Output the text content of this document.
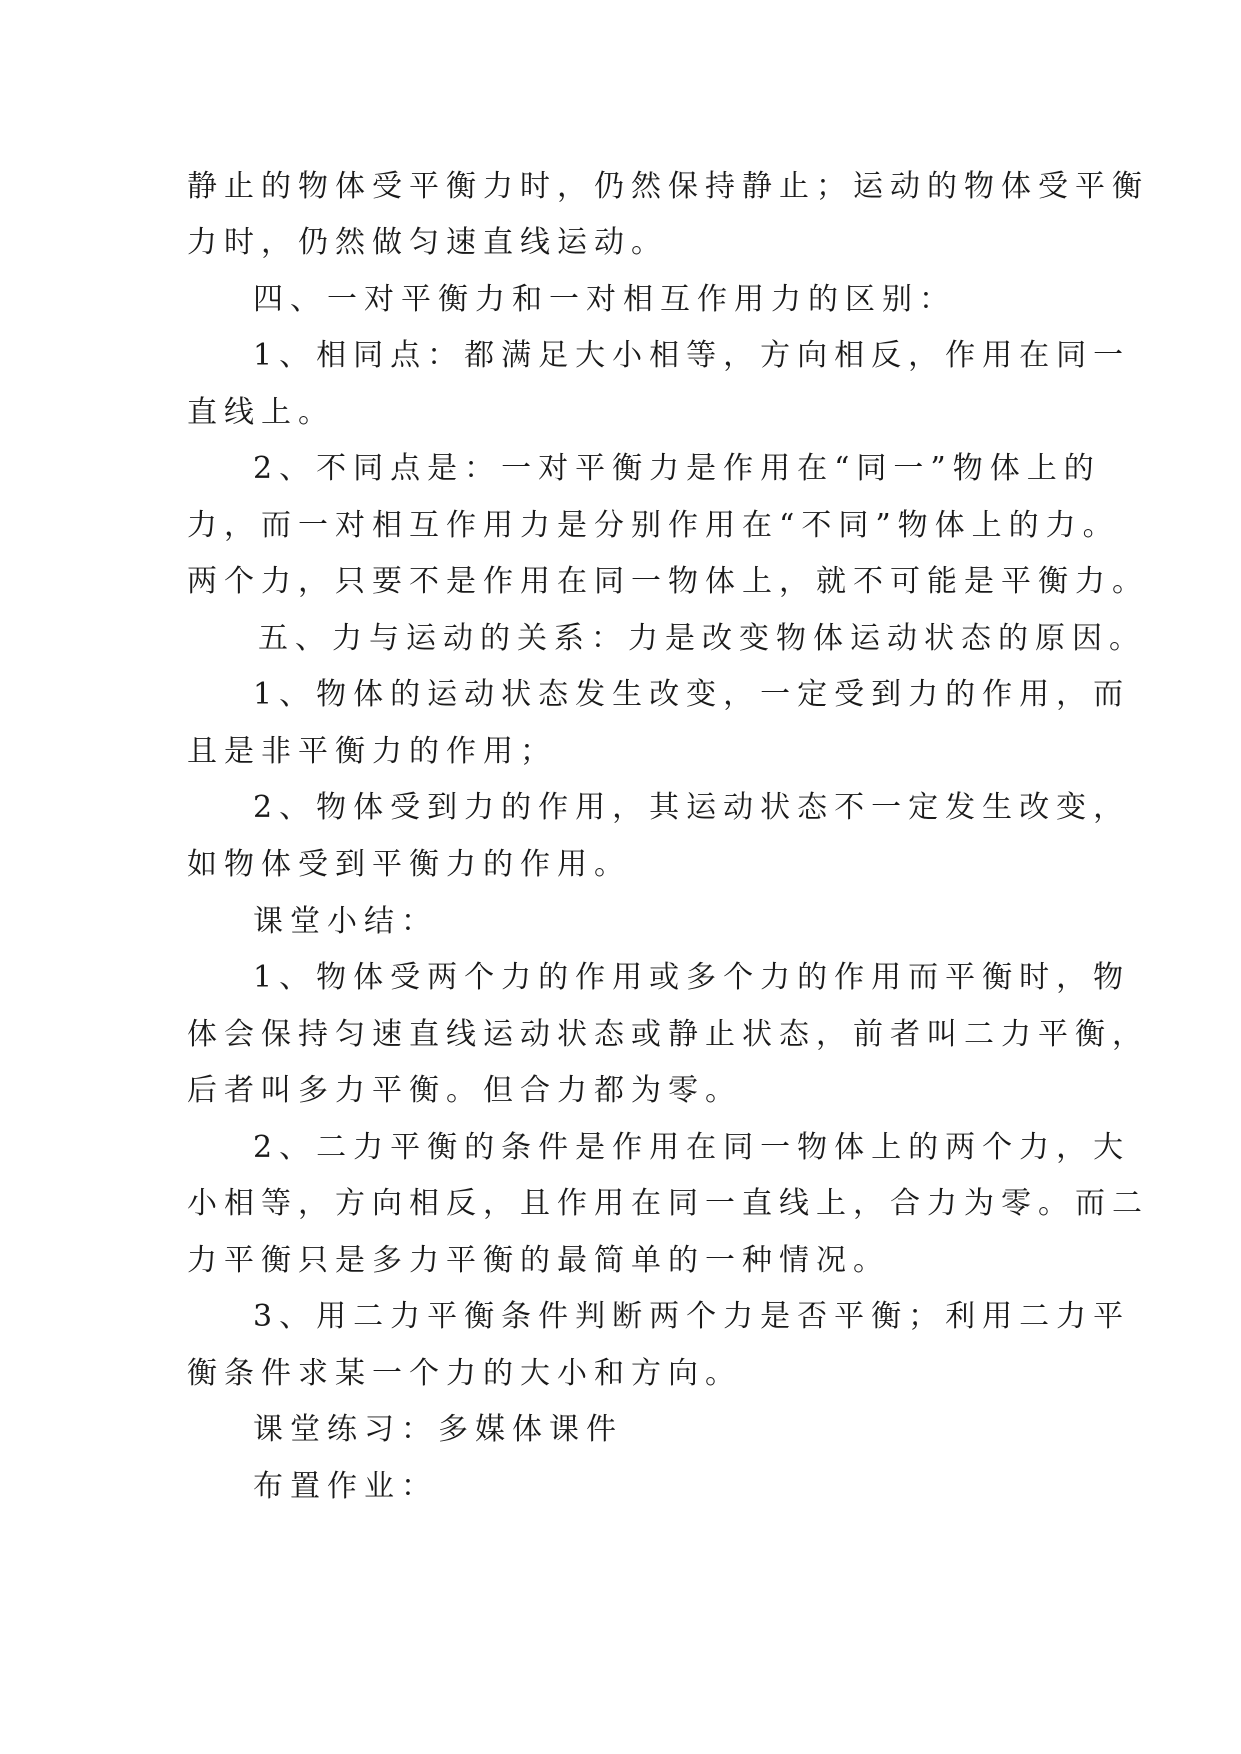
静止的物体受平衡力时，仍然保持静止；运动的物体受平衡
力时，仍然做匀速直线运动。
四、一对平衡力和一对相互作用力的区别：
1、相同点：都满足大小相等，方向相反，作用在同一
直线上。
2、不同点是：一对平衡力是作用在“同一”物体上的
力，而一对相互作用力是分别作用在“不同”物体上的力。
两个力，只要不是作用在同一物体上，就不可能是平衡力。
五、力与运动的关系：力是改变物体运动状态的原因。
1、物体的运动状态发生改变，一定受到力的作用，而
且是非平衡力的作用；
2、物体受到力的作用，其运动状态不一定发生改变，
如物体受到平衡力的作用。
课堂小结：
1、物体受两个力的作用或多个力的作用而平衡时，物
体会保持匀速直线运动状态或静止状态，前者叫二力平衡，
后者叫多力平衡。但合力都为零。
2、二力平衡的条件是作用在同一物体上的两个力，大
小相等，方向相反，且作用在同一直线上，合力为零。而二
力平衡只是多力平衡的最简单的一种情况。
3、用二力平衡条件判断两个力是否平衡；利用二力平
衡条件求某一个力的大小和方向。
课堂练习：多媒体课件
布置作业：
